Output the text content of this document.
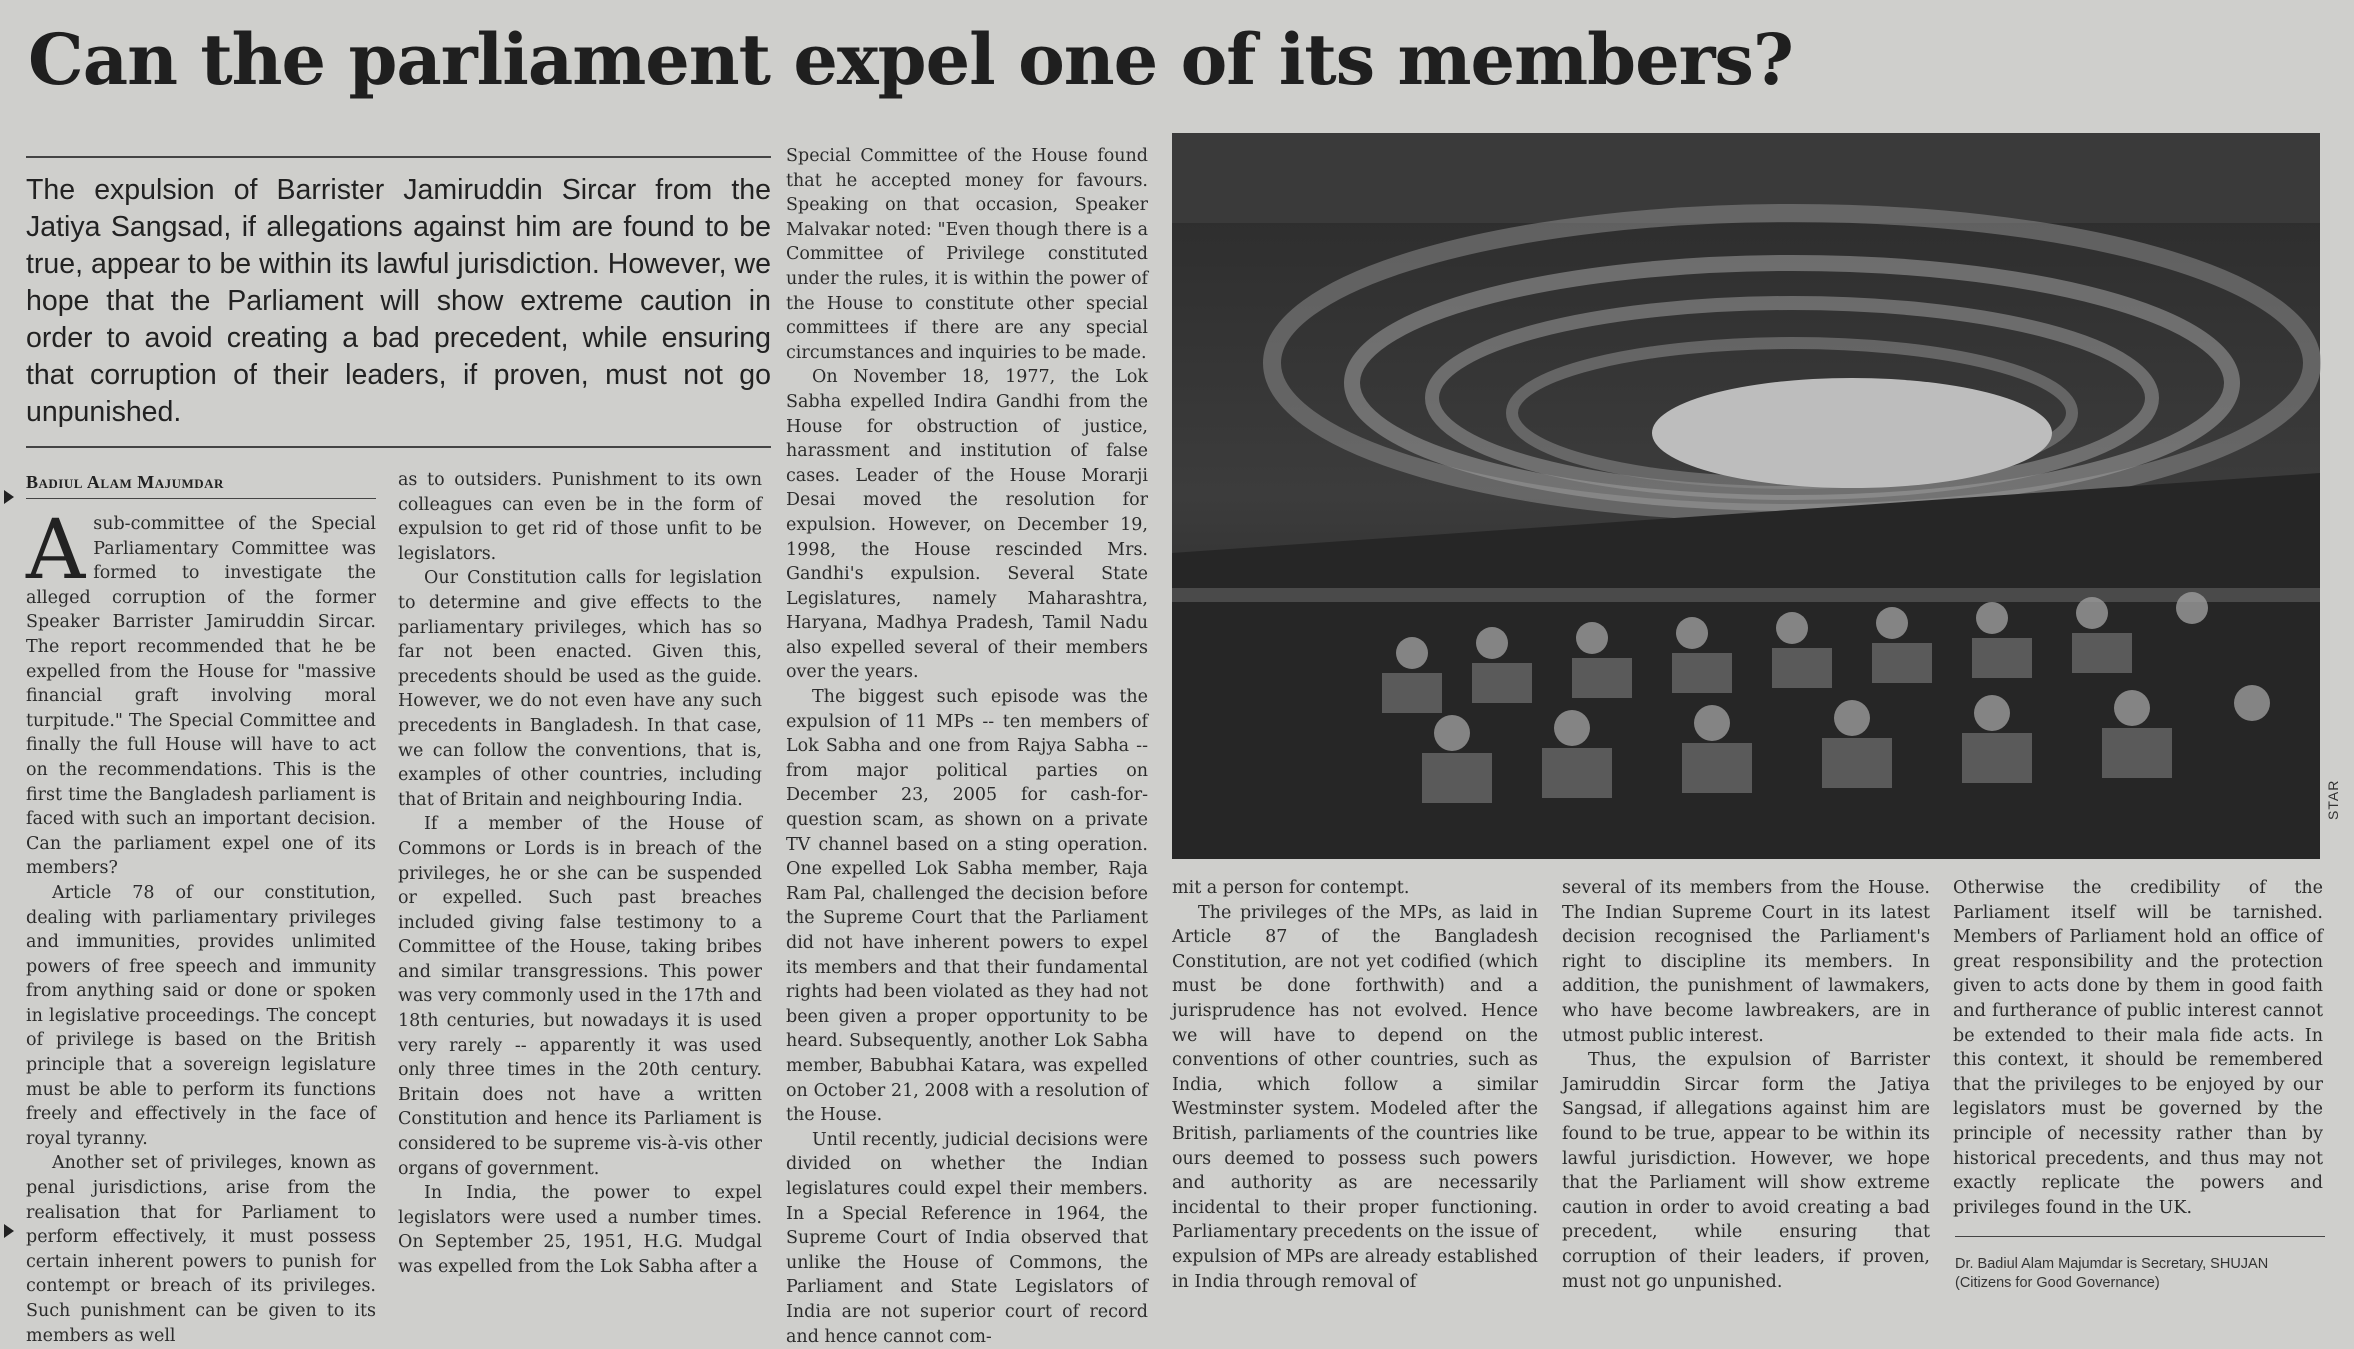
Can the parliament expel one of its members?

The expulsion of Barrister Jamiruddin Sircar from the Jatiya Sangsad, if allegations against him are found to be true, appear to be within its lawful jurisdiction. However, we hope that the Parliament will show extreme caution in order to avoid creating a bad precedent, while ensuring that corruption of their leaders, if proven, must not go unpunished.

Badiul Alam Majumdar

Asub-committee of the Special Parliamentary Committee was formed to investigate the alleged corruption of the former Speaker Barrister Jamiruddin Sircar. The report recommended that he be expelled from the House for "massive financial graft involving moral turpitude." The Special Committee and finally the full House will have to act on the recommendations. This is the first time the Bangladesh parliament is faced with such an important decision. Can the parliament expel one of its members?

Article 78 of our constitution, dealing with parliamentary privileges and immunities, provides unlimited powers of free speech and immunity from anything said or done or spoken in legislative proceedings. The concept of privilege is based on the British principle that a sovereign legislature must be able to perform its functions freely and effectively in the face of royal tyranny.

Another set of privileges, known as penal jurisdictions, arise from the realisation that for Parliament to perform effectively, it must possess certain inherent powers to punish for contempt or breach of its privileges. Such punishment can be given to its members as well

as to outsiders. Punishment to its own colleagues can even be in the form of expulsion to get rid of those unfit to be legislators.

Our Constitution calls for legislation to determine and give effects to the parliamentary privileges, which has so far not been enacted. Given this, precedents should be used as the guide. However, we do not even have any such precedents in Bangladesh. In that case, we can follow the conventions, that is, examples of other countries, including that of Britain and neighbouring India.

If a member of the House of Commons or Lords is in breach of the privileges, he or she can be suspended or expelled. Such past breaches included giving false testimony to a Committee of the House, taking bribes and similar transgressions. This power was very commonly used in the 17th and 18th centuries, but nowadays it is used very rarely -- apparently it was used only three times in the 20th century. Britain does not have a written Constitution and hence its Parliament is considered to be supreme vis-à-vis other organs of government.

In India, the power to expel legislators were used a number times. On September 25, 1951, H.G. Mudgal was expelled from the Lok Sabha after a

Special Committee of the House found that he accepted money for favours. Speaking on that occasion, Speaker Malvakar noted: "Even though there is a Committee of Privilege constituted under the rules, it is within the power of the House to constitute other special committees if there are any special circumstances and inquiries to be made.

On November 18, 1977, the Lok Sabha expelled Indira Gandhi from the House for obstruction of justice, harassment and institution of false cases. Leader of the House Morarji Desai moved the resolution for expulsion. However, on December 19, 1998, the House rescinded Mrs. Gandhi's expulsion. Several State Legislatures, namely Maharashtra, Haryana, Madhya Pradesh, Tamil Nadu also expelled several of their members over the years.

The biggest such episode was the expulsion of 11 MPs -- ten members of Lok Sabha and one from Rajya Sabha -- from major political parties on December 23, 2005 for cash-for-question scam, as shown on a private TV channel based on a sting operation. One expelled Lok Sabha member, Raja Ram Pal, challenged the decision before the Supreme Court that the Parliament did not have inherent powers to expel its members and that their fundamental rights had been violated as they had not been given a proper opportunity to be heard. Subsequently, another Lok Sabha member, Babubhai Katara, was expelled on October 21, 2008 with a resolution of the House.

Until recently, judicial decisions were divided on whether the Indian legislatures could expel their members. In a Special Reference in 1964, the Supreme Court of India observed that unlike the House of Commons, the Parliament and State Legislators of India are not superior court of record and hence cannot com-

STAR

mit a person for contempt.

The privileges of the MPs, as laid in Article 87 of the Bangladesh Constitution, are not yet codified (which must be done forthwith) and a jurisprudence has not evolved. Hence we will have to depend on the conventions of other countries, such as India, which follow a similar Westminster system. Modeled after the British, parliaments of the countries like ours deemed to possess such powers and authority as are necessarily incidental to their proper functioning. Parliamentary precedents on the issue of expulsion of MPs are already established in India through removal of

several of its members from the House. The Indian Supreme Court in its latest decision recognised the Parliament's right to discipline its members. In addition, the punishment of lawmakers, who have become lawbreakers, are in utmost public interest.

Thus, the expulsion of Barrister Jamiruddin Sircar form the Jatiya Sangsad, if allegations against him are found to be true, appear to be within its lawful jurisdiction. However, we hope that the Parliament will show extreme caution in order to avoid creating a bad precedent, while ensuring that corruption of their leaders, if proven, must not go unpunished.

Otherwise the credibility of the Parliament itself will be tarnished. Members of Parliament hold an office of great responsibility and the protection given to acts done by them in good faith and furtherance of public interest cannot be extended to their mala fide acts. In this context, it should be remembered that the privileges to be enjoyed by our legislators must be governed by the principle of necessity rather than by historical precedents, and thus may not exactly replicate the powers and privileges found in the UK.

Dr. Badiul Alam Majumdar is Secretary, SHUJAN (Citizens for Good Governance)
